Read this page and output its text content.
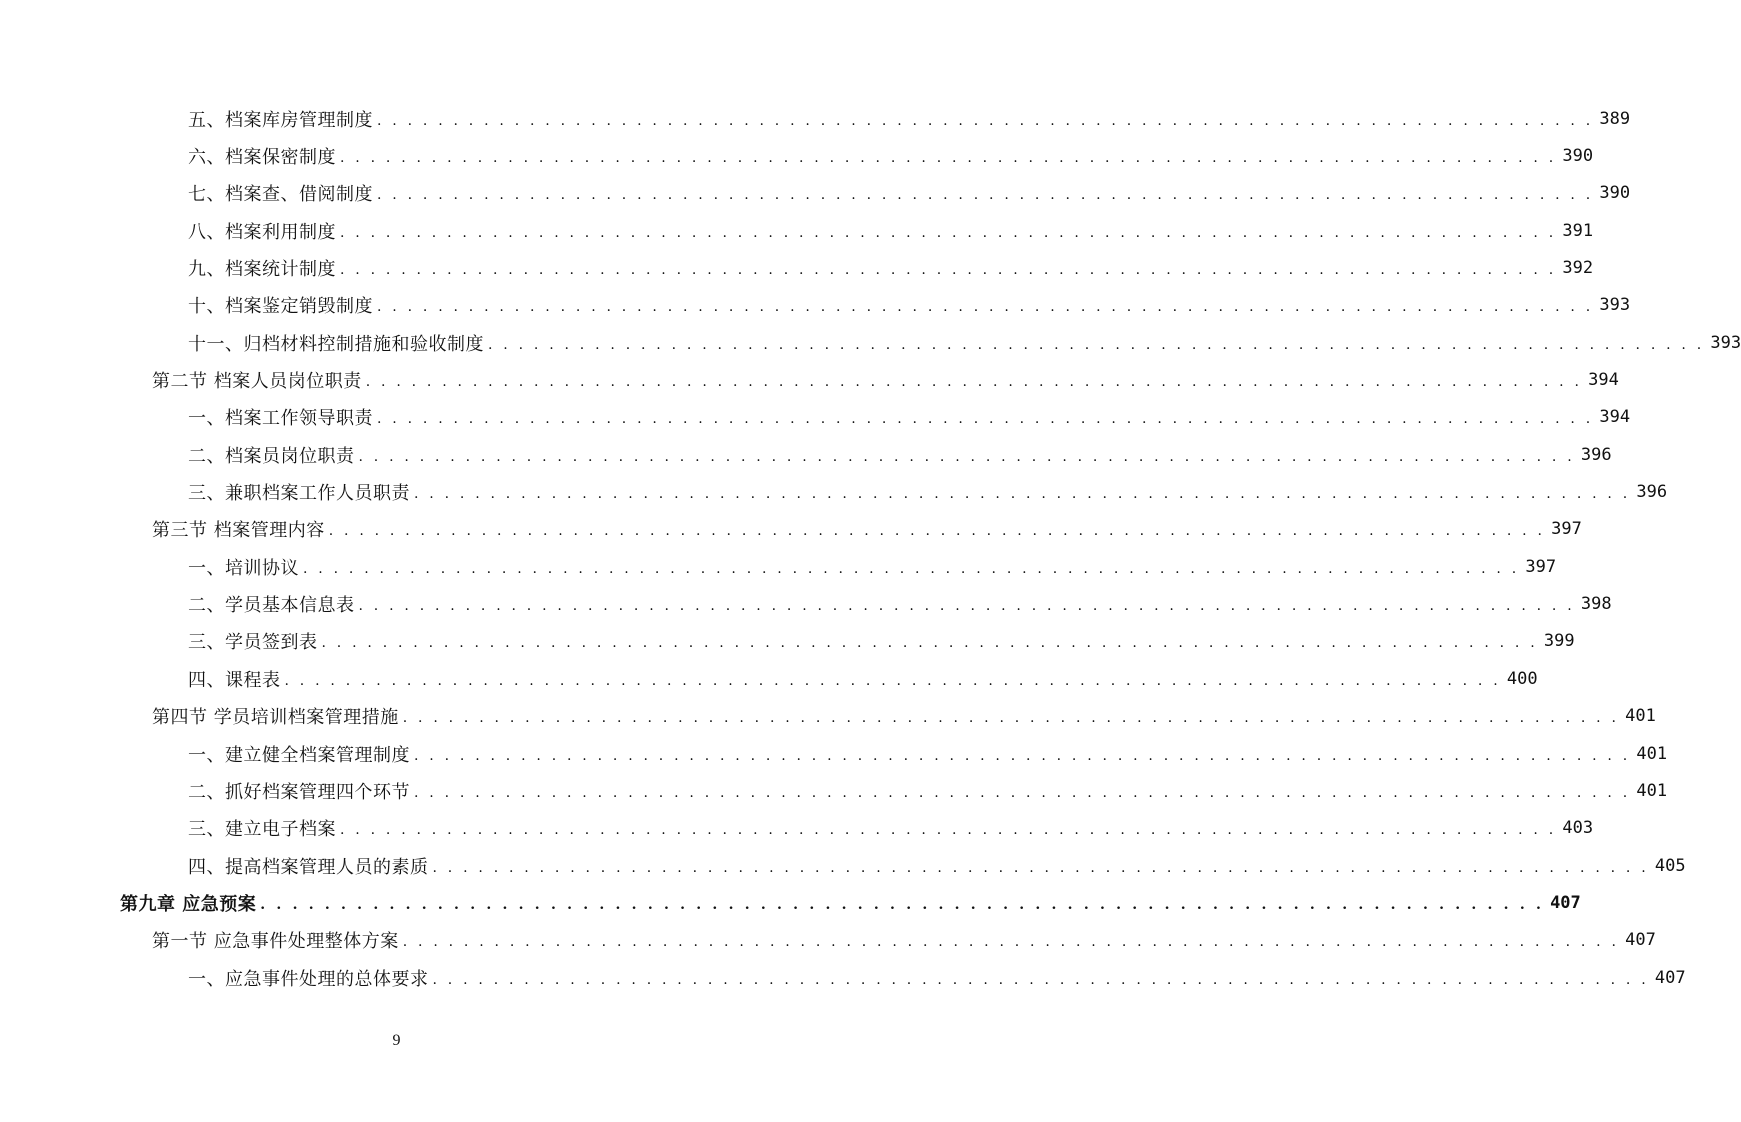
五、档案库房管理制度 . . . . . . . . . . . . . . . . . . . . . . . . . . . . . . . . . . . . . . . . . . . . . . . . . . . . . . . . . . . . . . . . . . . . . . . . . . . . . . . . 389
六、档案保密制度 . . . . . . . . . . . . . . . . . . . . . . . . . . . . . . . . . . . . . . . . . . . . . . . . . . . . . . . . . . . . . . . . . . . . . . . . . . . . . . . . 390
七、档案查、借阅制度 . . . . . . . . . . . . . . . . . . . . . . . . . . . . . . . . . . . . . . . . . . . . . . . . . . . . . . . . . . . . . . . . . . . . . . . . . . . . . . . . 390
八、档案利用制度 . . . . . . . . . . . . . . . . . . . . . . . . . . . . . . . . . . . . . . . . . . . . . . . . . . . . . . . . . . . . . . . . . . . . . . . . . . . . . . . . 391
九、档案统计制度 . . . . . . . . . . . . . . . . . . . . . . . . . . . . . . . . . . . . . . . . . . . . . . . . . . . . . . . . . . . . . . . . . . . . . . . . . . . . . . . . 392
十、档案鉴定销毁制度 . . . . . . . . . . . . . . . . . . . . . . . . . . . . . . . . . . . . . . . . . . . . . . . . . . . . . . . . . . . . . . . . . . . . . . . . . . . . . . . . 393
十一、归档材料控制措施和验收制度 . . . . . . . . . . . . . . . . . . . . . . . . . . . . . . . . . . . . . . . . . . . . . . . . . . . . . . . . . . . . . . . . . . . . . . . . . . . . . . . . 393
第二节 档案人员岗位职责 . . . . . . . . . . . . . . . . . . . . . . . . . . . . . . . . . . . . . . . . . . . . . . . . . . . . . . . . . . . . . . . . . . . . . . . . . . . . . . . . 394
一、档案工作领导职责 . . . . . . . . . . . . . . . . . . . . . . . . . . . . . . . . . . . . . . . . . . . . . . . . . . . . . . . . . . . . . . . . . . . . . . . . . . . . . . . . 394
二、档案员岗位职责 . . . . . . . . . . . . . . . . . . . . . . . . . . . . . . . . . . . . . . . . . . . . . . . . . . . . . . . . . . . . . . . . . . . . . . . . . . . . . . . . 396
三、兼职档案工作人员职责 . . . . . . . . . . . . . . . . . . . . . . . . . . . . . . . . . . . . . . . . . . . . . . . . . . . . . . . . . . . . . . . . . . . . . . . . . . . . . . . . 396
第三节 档案管理内容 . . . . . . . . . . . . . . . . . . . . . . . . . . . . . . . . . . . . . . . . . . . . . . . . . . . . . . . . . . . . . . . . . . . . . . . . . . . . . . . . 397
一、培训协议 . . . . . . . . . . . . . . . . . . . . . . . . . . . . . . . . . . . . . . . . . . . . . . . . . . . . . . . . . . . . . . . . . . . . . . . . . . . . . . . . 397
二、学员基本信息表 . . . . . . . . . . . . . . . . . . . . . . . . . . . . . . . . . . . . . . . . . . . . . . . . . . . . . . . . . . . . . . . . . . . . . . . . . . . . . . . . 398
三、学员签到表 . . . . . . . . . . . . . . . . . . . . . . . . . . . . . . . . . . . . . . . . . . . . . . . . . . . . . . . . . . . . . . . . . . . . . . . . . . . . . . . . 399
四、课程表 . . . . . . . . . . . . . . . . . . . . . . . . . . . . . . . . . . . . . . . . . . . . . . . . . . . . . . . . . . . . . . . . . . . . . . . . . . . . . . . . 400
第四节 学员培训档案管理措施 . . . . . . . . . . . . . . . . . . . . . . . . . . . . . . . . . . . . . . . . . . . . . . . . . . . . . . . . . . . . . . . . . . . . . . . . . . . . . . . . 401
一、建立健全档案管理制度 . . . . . . . . . . . . . . . . . . . . . . . . . . . . . . . . . . . . . . . . . . . . . . . . . . . . . . . . . . . . . . . . . . . . . . . . . . . . . . . . 401
二、抓好档案管理四个环节 . . . . . . . . . . . . . . . . . . . . . . . . . . . . . . . . . . . . . . . . . . . . . . . . . . . . . . . . . . . . . . . . . . . . . . . . . . . . . . . . 401
三、建立电子档案 . . . . . . . . . . . . . . . . . . . . . . . . . . . . . . . . . . . . . . . . . . . . . . . . . . . . . . . . . . . . . . . . . . . . . . . . . . . . . . . . 403
四、提高档案管理人员的素质 . . . . . . . . . . . . . . . . . . . . . . . . . . . . . . . . . . . . . . . . . . . . . . . . . . . . . . . . . . . . . . . . . . . . . . . . . . . . . . . . 405
第九章 应急预案 . . . . . . . . . . . . . . . . . . . . . . . . . . . . . . . . . . . . . . . . . . . . . . . . . . . . . . . . . . . . . . . . . . . . . . . . . . . . . . . . 407
第一节 应急事件处理整体方案 . . . . . . . . . . . . . . . . . . . . . . . . . . . . . . . . . . . . . . . . . . . . . . . . . . . . . . . . . . . . . . . . . . . . . . . . . . . . . . . . 407
一、应急事件处理的总体要求 . . . . . . . . . . . . . . . . . . . . . . . . . . . . . . . . . . . . . . . . . . . . . . . . . . . . . . . . . . . . . . . . . . . . . . . . . . . . . . . . 407
9
